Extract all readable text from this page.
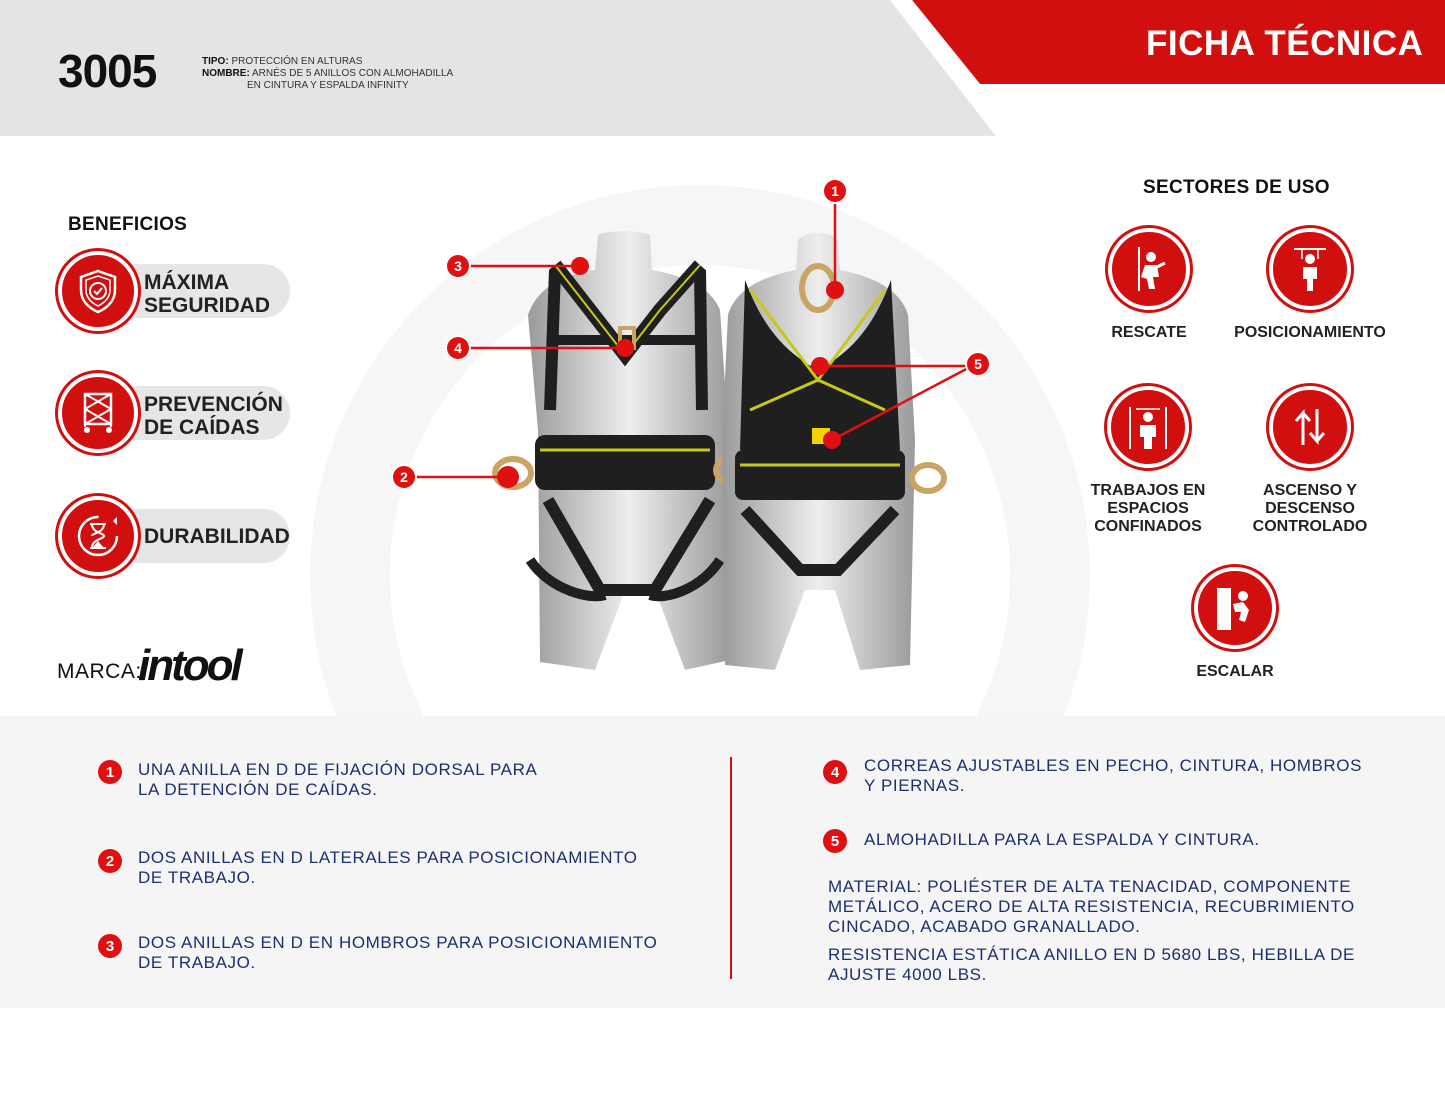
3005	TIPO: PROTECCIÓN EN ALTURAS
NOMBRE: ARNÉS DE 5 ANILLOS CON ALMOHADILLA
EN CINTURA Y ESPALDA INFINITY
FICHA TÉCNICA
BENEFICIOS
MÁXIMA
SEGURIDAD
PREVENCIÓN
DE CAÍDAS
DURABILIDAD
MARCA:
intool
1
3
4
2
5
SECTORES DE USO
RESCATE	POSICIONAMIENTO
TRABAJOS EN
ESPACIOS
CONFINADOS
ASCENSO Y
DESCENSO
CONTROLADO
ESCALAR
1	UNA ANILLA EN D DE FIJACIÓN DORSAL PARA
LA DETENCIÓN DE CAÍDAS.
2	DOS ANILLAS EN D LATERALES PARA POSICIONAMIENTO
DE TRABAJO.
3	DOS ANILLAS EN D EN HOMBROS PARA POSICIONAMIENTO
DE TRABAJO.
4	CORREAS AJUSTABLES EN PECHO, CINTURA, HOMBROS
Y PIERNAS.
5	ALMOHADILLA PARA LA ESPALDA Y CINTURA.
MATERIAL: POLIÉSTER DE ALTA TENACIDAD, COMPONENTE
METÁLICO, ACERO DE ALTA RESISTENCIA, RECUBRIMIENTO
CINCADO, ACABADO GRANALLADO.
RESISTENCIA ESTÁTICA ANILLO EN D 5680 LBS, HEBILLA DE
AJUSTE 4000 LBS.
